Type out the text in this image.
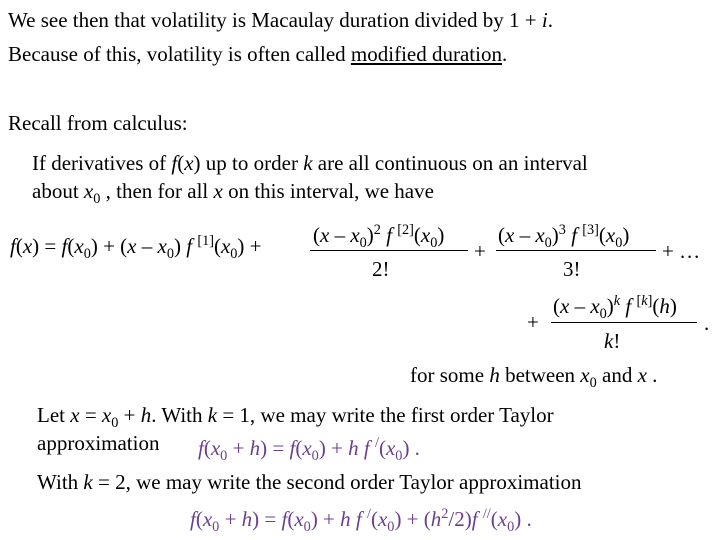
We see then that volatility is Macaulay duration divided by 1 + i.
Because of this, volatility is often called modified duration.
Recall from calculus:
If derivatives of f(x) up to order k are all continuous on an interval
about $x_0$ , then for all x on this interval, we have
$f(x) = f(x_0) + (x - x_0)$ f $[1](x_0) + (x - x_0)^2$ f $[2](x_0)$
2!
+
$(x - x_0)^3$ f $[3](x_0)$
3!
+ …
+
$(x - x_0)^k$ f [k](h)
k!
.
for some h between $x_0$ and x .
Let $x = x_0 + h$. With k = 1, we may write the first order Taylor
approximation $f(x_0 + h) = f(x_0) + h$ f $^/(x_0)$ .
With k = 2, we may write the second order Taylor approximation
$f(x_0 + h) = f(x_0) + h$ f $^/(x_0) + (h^2/2)f$ $^{//}(x_0)$ .
